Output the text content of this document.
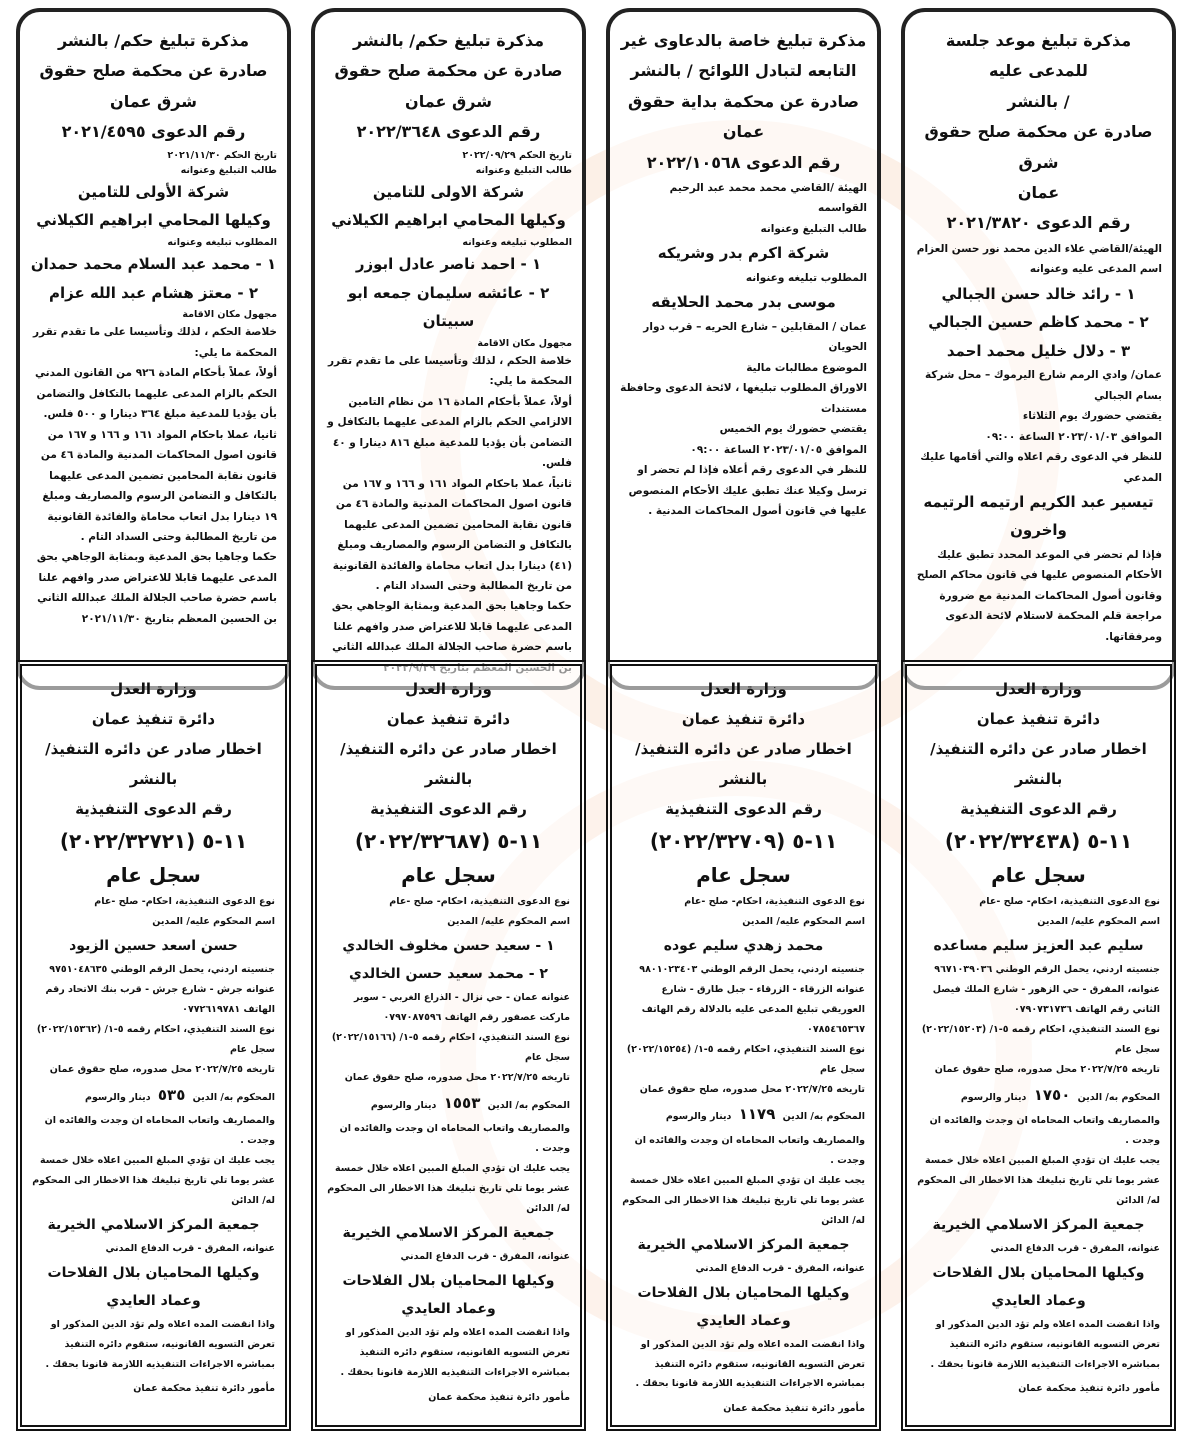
مذكرة تبليغ موعد جلسة للمدعى عليه
/ بالنشر
صادرة عن محكمة صلح حقوق شرق
عمان
رقم الدعوى ٢٠٢١/٣٨٢٠
الهيئة/القاضي علاء الدين محمد نور حسن العزام
اسم المدعى عليه وعنوانه
١ - رائد خالد حسن الجبالي
٢ - محمد كاظم حسين الجبالي
٣ - دلال خليل محمد احمد
عمان/ وادي الرمم شارع اليرموك – محل شركة بسام الجبالي
يقتضي حضورك يوم الثلاثاء
الموافق ٢٠٢٣/٠١/٠٣ الساعة ٠٩:٠٠
للنظر في الدعوى رقم اعلاه والتي أقامها عليك المدعي
تيسير عبد الكريم ارتيمه الرتيمه واخرون
فإذا لم تحضر في الموعد المحدد تطبق عليك الأحكام المنصوص عليها في قانون محاكم الصلح وقانون أصول المحاكمات المدنية مع ضرورة مراجعة قلم المحكمة لاستلام لائحة الدعوى ومرفقاتها.
مذكرة تبليغ خاصة بالدعاوى غير
التابعه لتبادل اللوائح / بالنشر
صادرة عن محكمة بداية حقوق عمان
رقم الدعوى ٢٠٢٢/١٠٥٦٨
الهيئة /القاضي محمد محمد عبد الرحيم القواسمه
طالب التبليغ وعنوانه
شركة اكرم بدر وشريكه
المطلوب تبليغه وعنوانه
موسى بدر محمد الحلايقه
عمان / المقابلين – شارع الحريه – قرب دوار الحويان
الموضوع مطالبات مالية
الاوراق المطلوب تبليغها ، لائحة الدعوى وحافظة مستندات
يقتضي حضورك يوم الخميس
الموافق ٢٠٢٣/٠١/٠٥ الساعة ٠٩:٠٠
للنظر في الدعوى رقم أعلاه فإذا لم تحضر او ترسل وكيلا عنك تطبق عليك الأحكام المنصوص عليها في قانون أصول المحاكمات المدنية .
مذكرة تبليغ حكم/ بالنشر
صادرة عن محكمة صلح حقوق شرق عمان
رقم الدعوى ٢٠٢٢/٣٦٤٨
تاريخ الحكم ٢٠٢٢/٠٩/٢٩
طالب التبليغ وعنوانه
شركة الاولى للتامين
وكيلها المحامي ابراهيم الكيلاني
المطلوب تبليغه وعنوانه
١ - احمد ناصر عادل ابوزر
٢ - عائشه سليمان جمعه ابو سبيتان
مجهول مكان الاقامة
خلاصة الحكم ، لذلك وتأسيسا على ما تقدم تقرر المحكمة ما يلي:
أولاً، عملاً بأحكام المادة ١٦ من نظام التامين الالزامي الحكم بالزام المدعى عليهما بالتكافل و التضامن بأن يؤديا للمدعية مبلغ ٨١٦ دينارا و ٤٠ فلس.
ثانياً، عملا باحكام المواد ١٦١ و ١٦٦ و ١٦٧ من قانون اصول المحاكمات المدنية والمادة ٤٦ من قانون نقابة المحامين تضمين المدعى عليهما بالتكافل و التضامن الرسوم والمصاريف ومبلغ (٤١) دينارا بدل اتعاب محاماة والفائدة القانونية من تاريخ المطالبة وحتى السداد التام .
حكما وجاهيا بحق المدعية وبمثابة الوجاهي بحق المدعى عليهما قابلا للاعتراض صدر وافهم علنا باسم حضرة صاحب الجلالة الملك عبدالله الثاني
مذكرة تبليغ حكم/ بالنشر
صادرة عن محكمة صلح حقوق شرق عمان
رقم الدعوى ٢٠٢١/٤٥٩٥
تاريخ الحكم ٢٠٢١/١١/٣٠
طالب التبليغ وعنوانه
شركة الأولى للتامين
وكيلها المحامي ابراهيم الكيلاني
المطلوب تبليغه وعنوانه
١ - محمد عبد السلام محمد حمدان
٢ - معتز هشام عبد الله عزام
مجهول مكان الاقامة
خلاصة الحكم ، لذلك وتأسيسا على ما تقدم تقرر المحكمة ما يلي:
أولاً، عملاً بأحكام المادة ٩٢٦ من القانون المدني الحكم بالزام المدعى عليهما بالتكافل والتضامن بأن يؤديا للمدعية مبلغ ٣٦٤ دينارا و ٥٠٠ فلس.
ثانيا، عملا باحكام المواد ١٦١ و ١٦٦ و ١٦٧ من قانون اصول المحاكمات المدنية والمادة ٤٦ من قانون نقابة المحامين تضمين المدعى عليهما بالتكافل و التضامن الرسوم والمصاريف ومبلغ ١٩ دينارا بدل اتعاب محاماة والفائدة القانونية من تاريخ المطالبة وحتى السداد التام .
حكما وجاهيا بحق المدعية وبمثابة الوجاهي بحق المدعى عليهما قابلا للاعتراض صدر وافهم علنا باسم حضرة صاحب الجلالة الملك عبدالله الثاني بن الحسين المعظم بتاريخ ٢٠٢١/١١/٣٠
وزارة العدل
دائرة تنفيذ عمان
اخطار صادر عن دائره التنفيذ/ بالنشر
رقم الدعوى التنفيذية
١١-٥ (٢٠٢٢/٣٢٤٣٨) سجل عام
نوع الدعوى التنفيذية، احكام- صلح -عام
اسم المحكوم عليه/ المدين
سليم عبد العزيز سليم مساعده
جنسيته اردني، يحمل الرقم الوطني ٩٦٧١٠٣٩٠٣٦
عنوانه، المفرق - حي الزهور - شارع الملك فيصل الثاني رقم الهاتف ٠٧٩٠٧٣١٧٣٦
نوع السند التنفيذي، احكام رقمه ٥-١/ (٢٠٢٢/١٥٢٠٣) سجل عام
تاريخه ٢٠٢٢/٧/٢٥ محل صدوره، صلح حقوق عمان
المحكوم به/ الدين ١٧٥٠ دينار والرسوم والمصاريف واتعاب المحاماه ان وجدت والفائده ان وجدت .
يجب عليك ان تؤدي المبلغ المبين اعلاه خلال خمسة عشر يوما تلي تاريخ تبليغك هذا الاخطار الى المحكوم له/ الدائن
جمعية المركز الاسلامي الخيرية
عنوانه، المفرق - قرب الدفاع المدني
وكيلها المحاميان بلال الفلاحات وعماد العايدي
واذا انقضت المده اعلاه ولم تؤد الدين المذكور او تعرض التسويه القانونيه، ستقوم دائره التنفيذ بمباشره الاجراءات التنفيذيه اللازمة قانونا بحقك .
مأمور دائرة تنفيذ محكمة عمان
وزارة العدل
دائرة تنفيذ عمان
اخطار صادر عن دائره التنفيذ/ بالنشر
رقم الدعوى التنفيذية
١١-٥ (٢٠٢٢/٣٢٧٠٩) سجل عام
نوع الدعوى التنفيذية، احكام- صلح -عام
اسم المحكوم عليه/ المدين
محمد زهدي سليم عوده
جنسيته اردني، يحمل الرقم الوطني ٩٨٠١٠٢٣٤٠٣
عنوانه الزرقاء - الزرقاء - جبل طارق - شارع العوريقي تبليغ المدعى عليه بالدلالة رقم الهاتف ٠٧٨٥٤٦٥٣٦٧
نوع السند التنفيذي، احكام رقمه ٥-١/ (٢٠٢٢/١٥٢٥٤) سجل عام
تاريخه ٢٠٢٢/٧/٢٥ محل صدوره، صلح حقوق عمان
المحكوم به/ الدين ١١٧٩ دينار والرسوم والمصاريف واتعاب المحاماه ان وجدت والفائده ان وجدت .
يجب عليك ان تؤدي المبلغ المبين اعلاه خلال خمسة عشر يوما تلي تاريخ تبليغك هذا الاخطار الى المحكوم له/ الدائن
جمعية المركز الاسلامي الخيرية
عنوانه، المفرق - قرب الدفاع المدني
وكيلها المحاميان بلال الفلاحات وعماد العايدي
واذا انقضت المده اعلاه ولم تؤد الدين المذكور او تعرض التسويه القانونيه، ستقوم دائره التنفيذ بمباشره الاجراءات التنفيذيه اللازمة قانونا بحقك .
مأمور دائرة تنفيذ محكمة عمان
وزارة العدل
دائرة تنفيذ عمان
اخطار صادر عن دائره التنفيذ/ بالنشر
رقم الدعوى التنفيذية
١١-٥ (٢٠٢٢/٣٢٦٨٧) سجل عام
نوع الدعوى التنفيذية، احكام- صلح -عام
اسم المحكوم عليه/ المدين
١ - سعيد حسن مخلوف الخالدي
٢ - محمد سعيد حسن الخالدي
عنوانه عمان - حي نزال - الذراع الغربي - سوبر ماركت عصفور رقم الهاتف ٠٧٩٧٠٨٧٥٩٦
نوع السند التنفيذي، احكام رقمه ٥-١/ (٢٠٢٢/١٥١٦٦) سجل عام
تاريخه ٢٠٢٢/٧/٢٥ محل صدوره، صلح حقوق عمان
المحكوم به/ الدين ١٥٥٣ دينار والرسوم والمصاريف واتعاب المحاماه ان وجدت والفائده ان وجدت .
يجب عليك ان تؤدي المبلغ المبين اعلاه خلال خمسة عشر يوما تلي تاريخ تبليغك هذا الاخطار الى المحكوم له/ الدائن
جمعية المركز الاسلامي الخيرية
عنوانه، المفرق - قرب الدفاع المدني
وكيلها المحاميان بلال الفلاحات وعماد العايدي
واذا انقضت المده اعلاه ولم تؤد الدين المذكور او تعرض التسويه القانونيه، ستقوم دائره التنفيذ بمباشره الاجراءات التنفيذيه اللازمة قانونا بحقك .
مأمور دائرة تنفيذ محكمة عمان
وزارة العدل
دائرة تنفيذ عمان
اخطار صادر عن دائره التنفيذ/ بالنشر
رقم الدعوى التنفيذية
١١-٥ (٢٠٢٢/٣٢٧٢١) سجل عام
نوع الدعوى التنفيذية، احكام- صلح -عام
اسم المحكوم عليه/ المدين
حسن اسعد حسين الزيود
جنسيته اردني، يحمل الرقم الوطني ٩٧٥١٠٤٨٦٣٥
عنوانه جرش - شارع جرش - قرب بنك الاتحاد رقم الهاتف ٠٧٧٢٦١٩٧٨١
نوع السند التنفيذي، احكام رقمه ٥-١/ (٢٠٢٢/١٥٣٦٢) سجل عام
تاريخه ٢٠٢٢/٧/٢٥ محل صدوره، صلح حقوق عمان
المحكوم به/ الدين ٥٣٥ دينار والرسوم والمصاريف واتعاب المحاماه ان وجدت والفائده ان وجدت .
يجب عليك ان تؤدي المبلغ المبين اعلاه خلال خمسة عشر يوما تلي تاريخ تبليغك هذا الاخطار الى المحكوم له/ الدائن
جمعية المركز الاسلامي الخيرية
عنوانه، المفرق - قرب الدفاع المدني
وكيلها المحاميان بلال الفلاحات وعماد العايدي
واذا انقضت المده اعلاه ولم تؤد الدين المذكور او تعرض التسويه القانونيه، ستقوم دائره التنفيذ بمباشره الاجراءات التنفيذيه اللازمة قانونا بحقك .
مأمور دائرة تنفيذ محكمة عمان
